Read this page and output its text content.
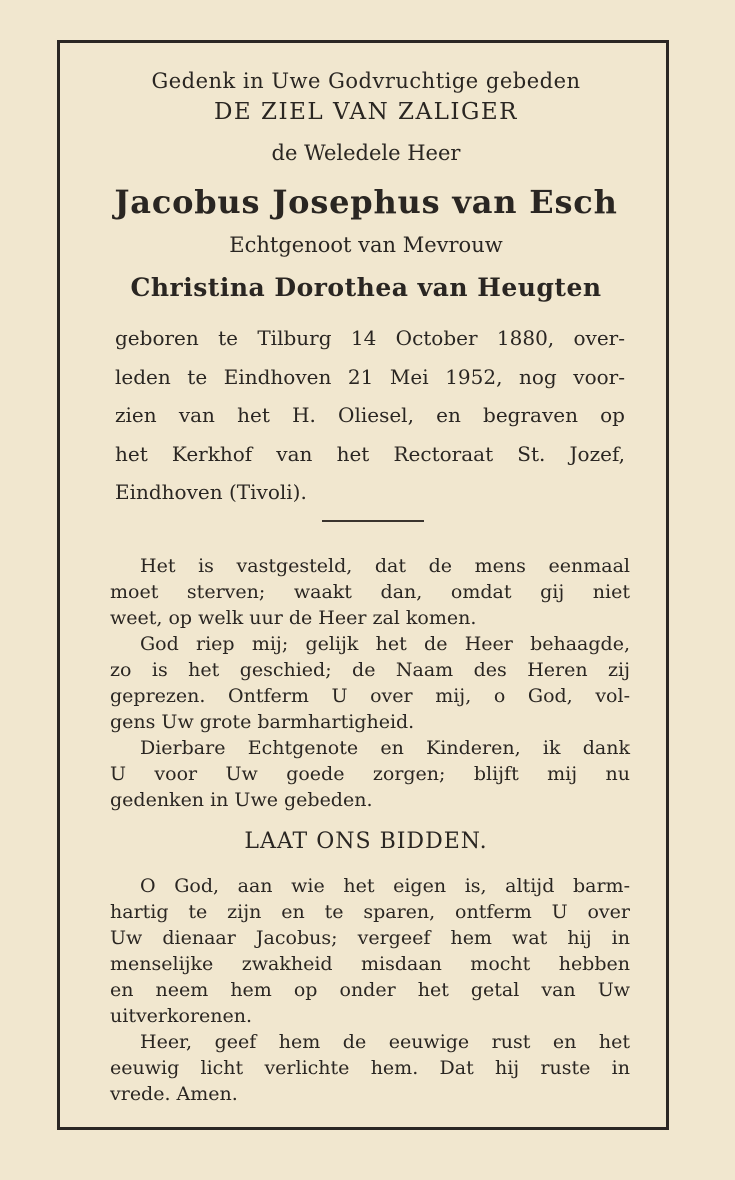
Gedenk in Uwe Godvruchtige gebeden
DE ZIEL VAN ZALIGER
de Weledele Heer
Jacobus Josephus van Esch
Echtgenoot van Mevrouw
Christina Dorothea van Heugten
geboren te Tilburg 14 October 1880, over-
leden te Eindhoven 21 Mei 1952, nog voor-
zien van het H. Oliesel, en begraven op
het Kerkhof van het Rectoraat St. Jozef,
Eindhoven (Tivoli).
Het is vastgesteld, dat de mens eenmaal
moet sterven; waakt dan, omdat gij niet
weet, op welk uur de Heer zal komen.
God riep mij; gelijk het de Heer behaagde,
zo is het geschied; de Naam des Heren zij
geprezen. Ontferm U over mij, o God, vol-
gens Uw grote barmhartigheid.
Dierbare Echtgenote en Kinderen, ik dank
U voor Uw goede zorgen; blijft mij nu
gedenken in Uwe gebeden.
LAAT ONS BIDDEN.
O God, aan wie het eigen is, altijd barm-
hartig te zijn en te sparen, ontferm U over
Uw dienaar Jacobus; vergeef hem wat hij in
menselijke zwakheid misdaan mocht hebben
en neem hem op onder het getal van Uw
uitverkorenen.
Heer, geef hem de eeuwige rust en het
eeuwig licht verlichte hem. Dat hij ruste in
vrede. Amen.
